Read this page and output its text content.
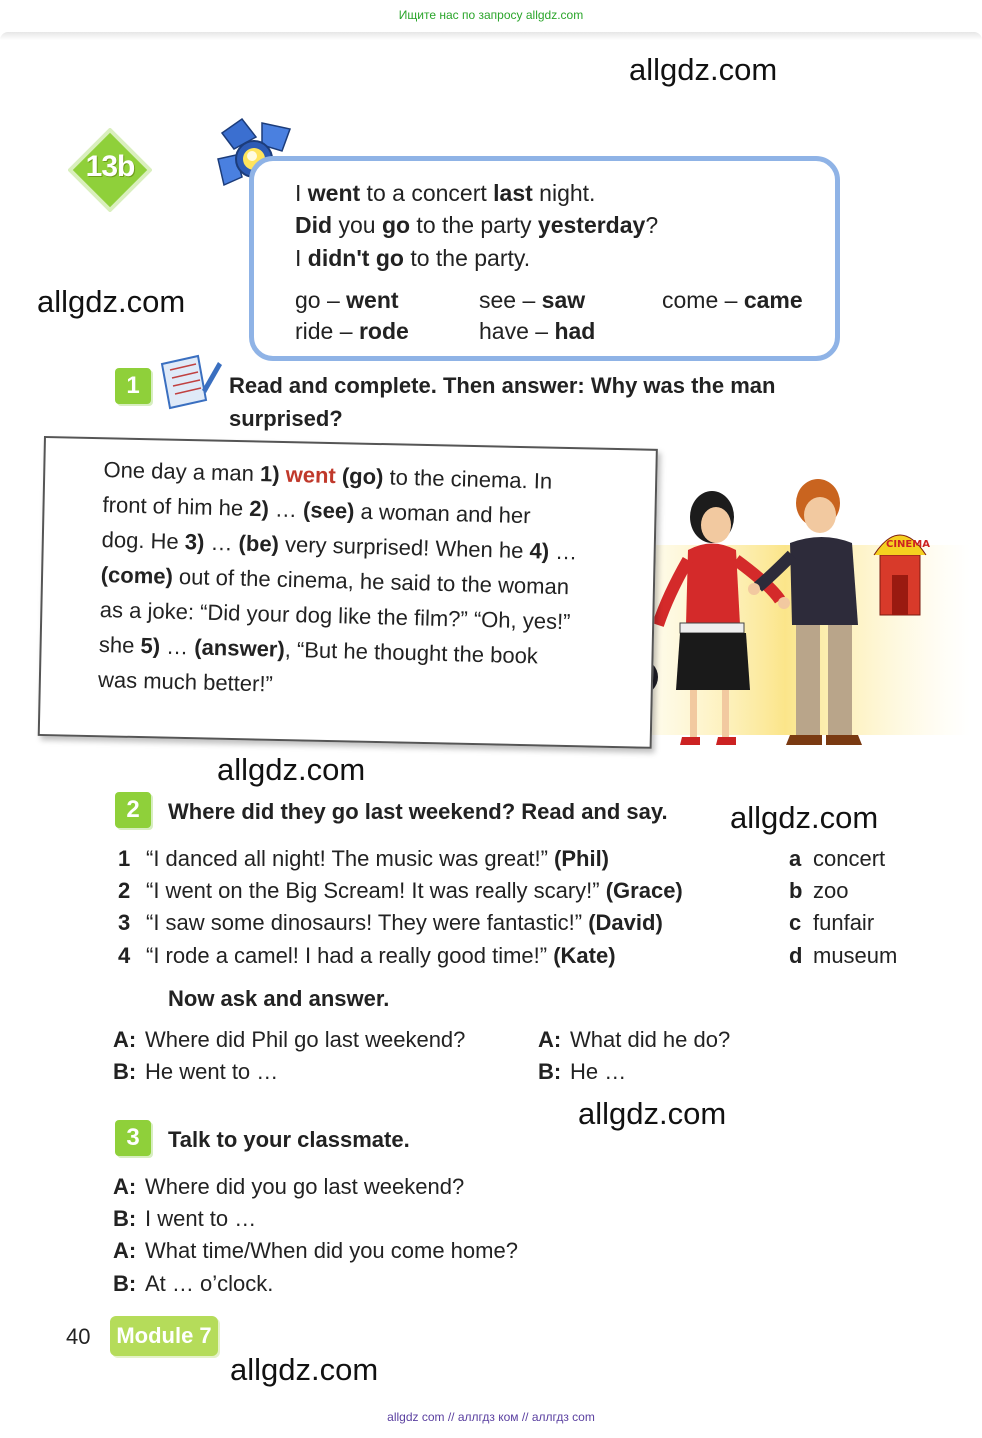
Ищите нас по запросу allgdz.com
allgdz.com
allgdz.com
allgdz.com
allgdz.com
allgdz.com
allgdz.com
13b
I went to a concert last night.
Did you go to the party yesterday?
I didn't go to the party.
go – went	see – saw	come – came
ride – rode	have – had
1	Read and complete. Then answer: Why was the man
surprised?
CINEMA
One day a man 1) went (go) to the cinema. In
front of him he 2) … (see) a woman and her
dog. He 3) … (be) very surprised! When he 4) …
(come) out of the cinema, he said to the woman
as a joke: “Did your dog like the film?” “Oh, yes!”
she 5) … (answer), “But he thought the book
was much better!”
2	Where did they go last weekend? Read and say.
1 “I danced all night! The music was great!” (Phil)
2 “I went on the Big Scream! It was really scary!” (Grace)
3 “I saw some dinosaurs! They were fantastic!” (David)
4 “I rode a camel! I had a really good time!” (Kate)
a concert
b zoo
c funfair
d museum
Now ask and answer.
A: Where did Phil go last weekend?
B: He went to …
A: What did he do?
B: He …
3	Talk to your classmate.
A: Where did you go last weekend?
B: I went to …
A: What time/When did you come home?
B: At … o’clock.
40 Module 7
allgdz com // аллгдз ком // аллгдз com
